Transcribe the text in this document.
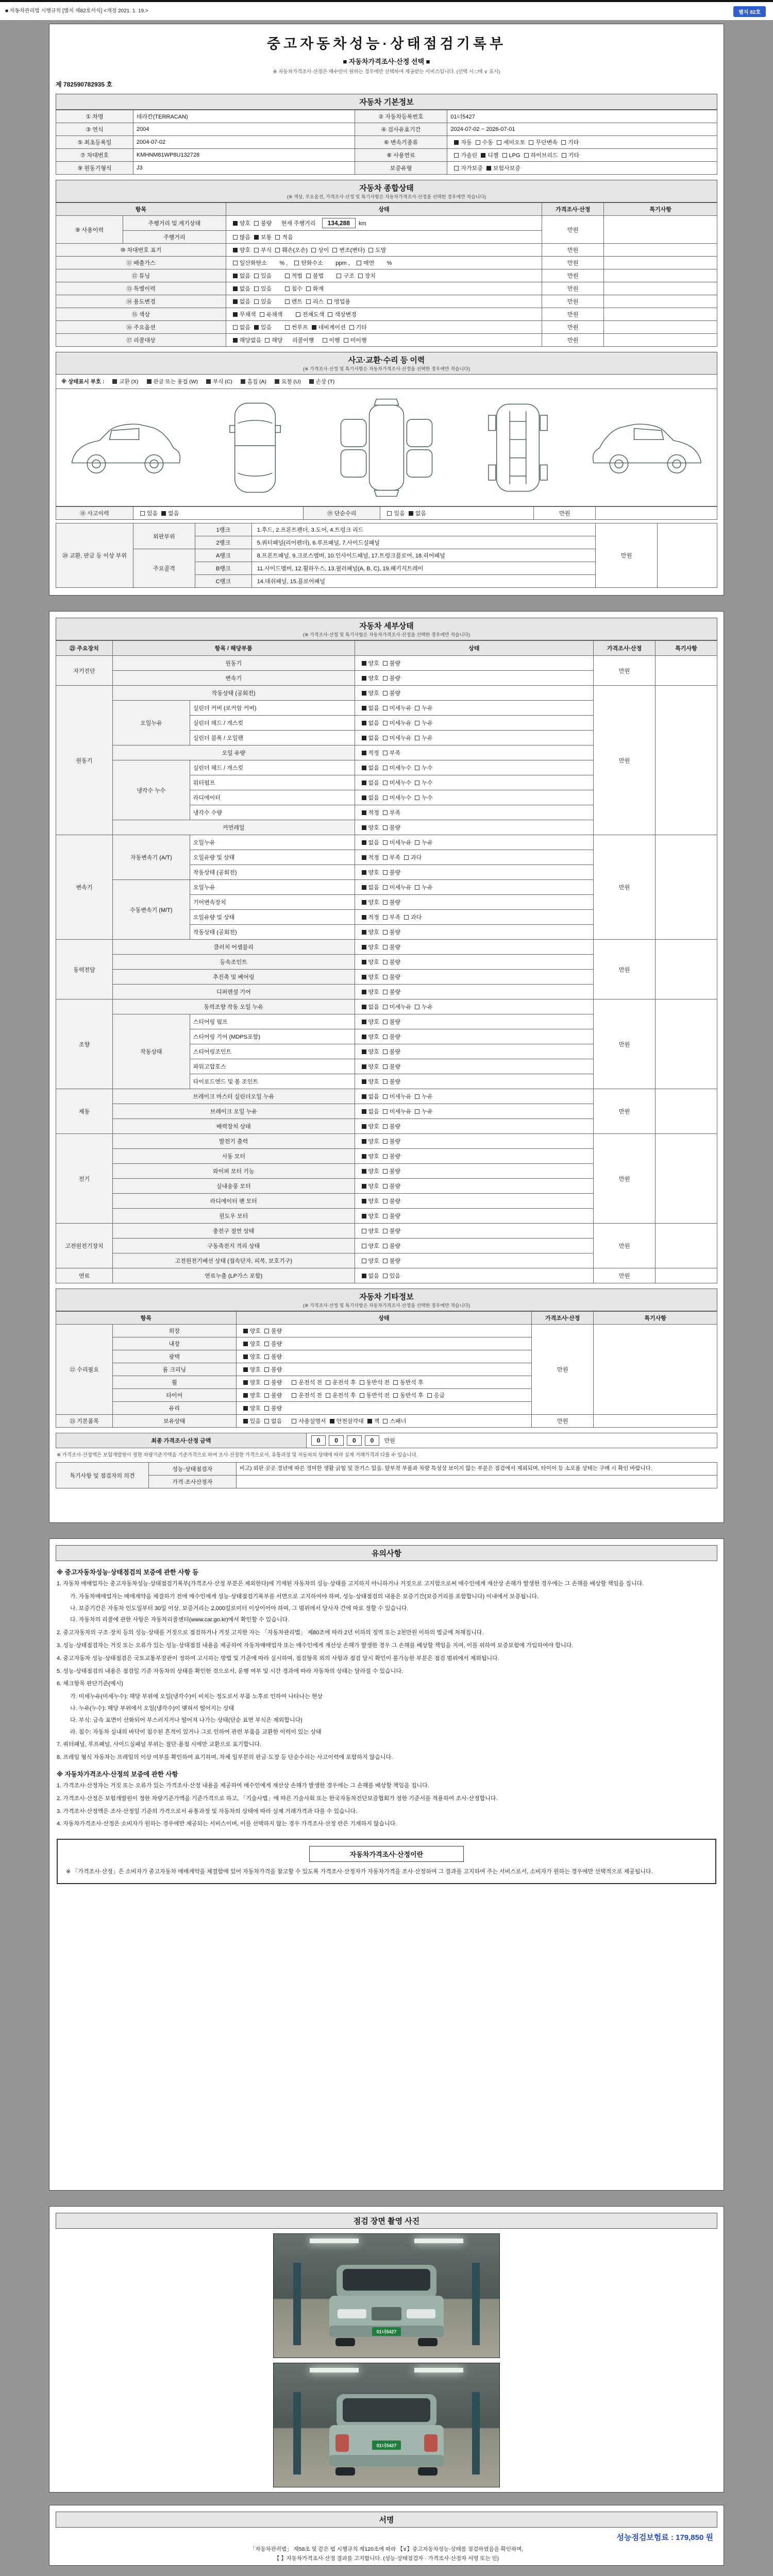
■ 자동차관리법 시행규칙 [별지 제82호서식] <개정 2021. 1. 19.>	별지 82호
중고자동차성능·상태점검기록부
■ 자동차가격조사·산정 선택 ■
※ 자동차가격조사·산정은 매수인이 원하는 경우에만 선택하여 제공받는 서비스입니다. (선택 시 □에 ∨ 표시)
제 782590782935 호
자동차 기본정보
① 차명	테라칸(TERRACAN)	② 자동차등록번호	01너5427
③ 연식	2004	④ 검사유효기간	2024-07-02 ~ 2026-07-01
⑤ 최초등록일	2004-07-02	⑥ 변속기종류	자동 수동 세미오토 무단변속 기타
⑦ 차대번호	KMHNM81WP8U132728	⑧ 사용연료	가솔린 디젤 LPG 하이브리드 기타
⑨ 원동기형식	J3	보증유형	자가보증 보험사보증
자동차 종합상태
(※ 색상, 주요옵션, 가격조사·산정 및 특기사항은 자동차가격조사·산정을 선택한 경우에만 적습니다)
항목		상태	가격조사·산정	특기사항
⑨ 사용이력	주행거리 및 계기상태	양호 불량      현재 주행거리   134,288 km	만원	
	주행거리	많음 보통 적음		
⑩ 차대번호 표기		양호 부식 훼손(오손) 상이 변조(변타) 도말	만원	
⑪ 배출가스		일산화탄소        % ,  탄화수소        ppm ,  매연        %	만원	
⑫ 튜닝		없음 있음 적법 불법 구조 장치	만원	
⑬ 특별이력		없음 있음 침수 화재	만원	
⑭ 용도변경		없음 있음 렌트 리스 영업용	만원	
⑮ 색상		무채색 유채색 전체도색 색상변경	만원	
⑯ 주요옵션		없음 있음 썬루프 네비게이션 기타	만원	
⑰ 리콜대상		해당없음 해당      리콜이행   이행 미이행	만원	
사고·교환·수리 등 이력
(※ 가격조사·산정 및 특기사항은 자동차가격조사·산정을 선택한 경우에만 적습니다)
※ 상태표시 부호 :	교환 (X)	판금 또는 용접 (W)	부식 (C)	흠집 (A)	요철 (U)	손상 (T)
⑱ 사고이력	있음 없음	⑲ 단순수리	있음 없음	만원	
⑳ 교환, 판금 등 이상 부위	외판부위	1랭크	1.후드, 2.프론트펜더, 3.도어, 4.트렁크 리드	만원	
		2랭크	5.쿼터패널(리어펜더), 6.루프패널, 7.사이드실패널		
	주요골격	A랭크	8.프론트패널, 9.크로스멤버, 10.인사이드패널, 17.트렁크플로어, 18.리어패널		
		B랭크	11.사이드멤버, 12.휠하우스, 13.필러패널(A, B, C), 19.패키지트레이		
		C랭크	14.대쉬패널, 15.플로어패널		
자동차 세부상태
(※ 가격조사·산정 및 특기사항은 자동차가격조사·산정을 선택한 경우에만 적습니다)
㉑ 주요장치	항목 / 해당부품		상태	가격조사·산정	특기사항
자기진단	원동기		양호 불량	만원	
	변속기		양호 불량		
원동기	작동상태 (공회전)		양호 불량	만원	
	오일누유	실린더 커버 (로커암 커버)	없음 미세누유 누유		
		실린더 헤드 / 개스킷	없음 미세누유 누유		
		실린더 블록 / 오일팬	없음 미세누유 누유		
	오일 유량		적정 부족		
	냉각수 누수	실린더 헤드 / 개스킷	없음 미세누수 누수		
		워터펌프	없음 미세누수 누수		
		라디에이터	없음 미세누수 누수		
		냉각수 수량	적정 부족		
	커먼레일		양호 불량		
변속기	자동변속기 (A/T)	오일누유	없음 미세누유 누유	만원	
		오일유량 및 상태	적정 부족 과다		
		작동상태 (공회전)	양호 불량		
	수동변속기 (M/T)	오일누유	없음 미세누유 누유		
		기어변속장치	양호 불량		
		오일유량 및 상태	적정 부족 과다		
		작동상태 (공회전)	양호 불량		
동력전달	클러치 어셈블리		양호 불량	만원	
	등속조인트		양호 불량		
	추진축 및 베어링		양호 불량		
	디퍼렌셜 기어		양호 불량		
조향	동력조향 작동 오일 누유		없음 미세누유 누유	만원	
	작동상태	스티어링 펌프	양호 불량		
		스티어링 기어 (MDPS포함)	양호 불량		
		스티어링조인트	양호 불량		
		파워고압호스	양호 불량		
		타이로드엔드 및 볼 조인트	양호 불량		
제동	브레이크 마스터 실린더오일 누유		없음 미세누유 누유	만원	
	브레이크 오일 누유		없음 미세누유 누유		
	배력장치 상태		양호 불량		
전기	발전기 출력		양호 불량	만원	
	시동 모터		양호 불량		
	와이퍼 모터 기능		양호 불량		
	실내송풍 모터		양호 불량		
	라디에이터 팬 모터		양호 불량		
	윈도우 모터		양호 불량		
고전원전기장치	충전구 절연 상태		양호 불량	만원	
	구동축전지 격리 상태		양호 불량		
	고전원전기배선 상태 (접속단자, 피복, 보호기구)		양호 불량		
연료	연료누출 (LP가스 포함)		없음 있음	만원	
자동차 기타정보
(※ 가격조사·산정 및 특기사항은 자동차가격조사·산정을 선택한 경우에만 적습니다)
항목		상태	가격조사·산정	특기사항
㉒ 수리필요	외장	양호 불량	만원	
	내장	양호 불량		
	광택	양호 불량		
	룸 크리닝	양호 불량		
	휠	양호 불량 운전석 전 운전석 후 동반석 전 동반석 후		
	타이어	양호 불량 운전석 전 운전석 후 동반석 전 동반석 후 응급		
	유리	양호 불량		
㉓ 기본품목	보유상태	있음 없음 사용설명서 안전삼각대 잭 스패너	만원	
최종 가격조사·산정 금액	0 0 0 0  만원
※ 가격조사·산정액은 보험개발원이 정한 차량기준가액을 기준가격으로 하여 조사·산정한 가격으로서, 유통과정 및 자동차의 상태에 따라 실제 거래가격과 다를 수 있습니다.
특기사항 및 점검자의 의견	성능·상태점검자	비고) 외판 곳곳 경년에 따른 경미한 생활 긁힘 및 잔기스 있음. 탈부착 부품과 차량 특성상 보이지 않는 부분은 점검에서 제외되며, 타이어 등 소모품 상태는 구매 시 확인 바랍니다.
	가격·조사산정자	
유의사항
※ 중고자동차성능·상태점검의 보증에 관한 사항 등
1. 자동차 매매업자는 중고자동차성능·상태점검기록부(가격조사·산정 부분은 제외한다)에 기재된 자동차의 성능·상태를 고지하지 아니하거나 거짓으로 고지함으로써 매수인에게 재산상 손해가 발생한 경우에는 그 손해를 배상할 책임을 집니다.
가. 자동차매매업자는 매매계약을 체결하기 전에 매수인에게 성능·상태점검기록부를 서면으로 고지하여야 하며, 성능·상태점검의 내용은 보증기간(보증거리를 포함합니다) 이내에서 보증됩니다.
나. 보증기간은 자동차 인도일부터 30일 이상, 보증거리는 2,000킬로미터 이상이어야 하며, 그 범위에서 당사자 간에 따로 정할 수 있습니다.
다. 자동차의 리콜에 관한 사항은 자동차리콜센터(www.car.go.kr)에서 확인할 수 있습니다.
2. 중고자동차의 구조·장치 등의 성능·상태를 거짓으로 점검하거나 거짓 고지한 자는 「자동차관리법」 제80조에 따라 2년 이하의 징역 또는 2천만원 이하의 벌금에 처해집니다.
3. 성능·상태점검자는 거짓 또는 오류가 있는 성능·상태점검 내용을 제공하여 자동차매매업자 또는 매수인에게 재산상 손해가 발생한 경우 그 손해를 배상할 책임을 지며, 이를 위하여 보증보험에 가입하여야 합니다.
4. 중고자동차 성능·상태점검은 국토교통부장관이 정하여 고시하는 방법 및 기준에 따라 실시하며, 점검항목 외의 사항과 점검 당시 확인이 불가능한 부분은 점검 범위에서 제외됩니다.
5. 성능·상태점검의 내용은 점검일 기준 자동차의 상태를 확인한 것으로서, 운행 여부 및 시간 경과에 따라 자동차의 상태는 달라질 수 있습니다.
6. 체크항목 판단기준(예시)
가. 미세누유(미세누수): 해당 부위에 오일(냉각수)이 비치는 정도로서 부품 노후로 인하여 나타나는 현상
나. 누유(누수): 해당 부위에서 오일(냉각수)이 맺혀서 떨어지는 상태
다. 부식: 금속 표면이 산화되어 부스러지거나 떨어져 나가는 상태(단순 표면 부식은 제외합니다)
라. 침수: 자동차 실내의 바닥이 침수된 흔적이 있거나 그로 인하여 관련 부품을 교환한 이력이 있는 상태
7. 쿼터패널, 루프패널, 사이드실패널 부위는 절단·용접 시에만 교환으로 표기합니다.
8. 프레임 형식 자동차는 프레임의 이상 여부를 확인하여 표기하며, 차체 일부분의 판금·도장 등 단순수리는 사고이력에 포함하지 않습니다.
※ 자동차가격조사·산정의 보증에 관한 사항
1. 가격조사·산정자는 거짓 또는 오류가 있는 가격조사·산정 내용을 제공하여 매수인에게 재산상 손해가 발생한 경우에는 그 손해를 배상할 책임을 집니다.
2. 가격조사·산정은 보험개발원이 정한 차량기준가액을 기준가격으로 하고, 「기술사법」에 따른 기술사회 또는 한국자동차진단보증협회가 정한 기준서를 적용하여 조사·산정합니다.
3. 가격조사·산정액은 조사·산정일 기준의 가격으로서 유통과정 및 자동차의 상태에 따라 실제 거래가격과 다를 수 있습니다.
4. 자동차가격조사·산정은 소비자가 원하는 경우에만 제공되는 서비스이며, 이를 선택하지 않는 경우 가격조사·산정 란은 기재하지 않습니다.
자동차가격조사·산정이란
※ 「가격조사·산정」은 소비자가 중고자동차 매매계약을 체결함에 있어 자동차가격을 참고할 수 있도록 가격조사·산정자가 자동차가격을 조사·산정하여 그 결과를 고지하여 주는 서비스로서, 소비자가 원하는 경우에만 선택적으로 제공됩니다.
점검 장면 촬영 사진
01너5427
01너5427
서명
성능점검보험료 : 179,850 원
「자동차관리법」 제58조 및 같은 법 시행규칙 제120조에 따라 【∨】중고자동차성능·상태를 점검하였음을 확인하며,
【 】자동차가격조사·산정 결과를 고지합니다. (성능·상태점검자 · 가격조사·산정자 서명 또는 인)
